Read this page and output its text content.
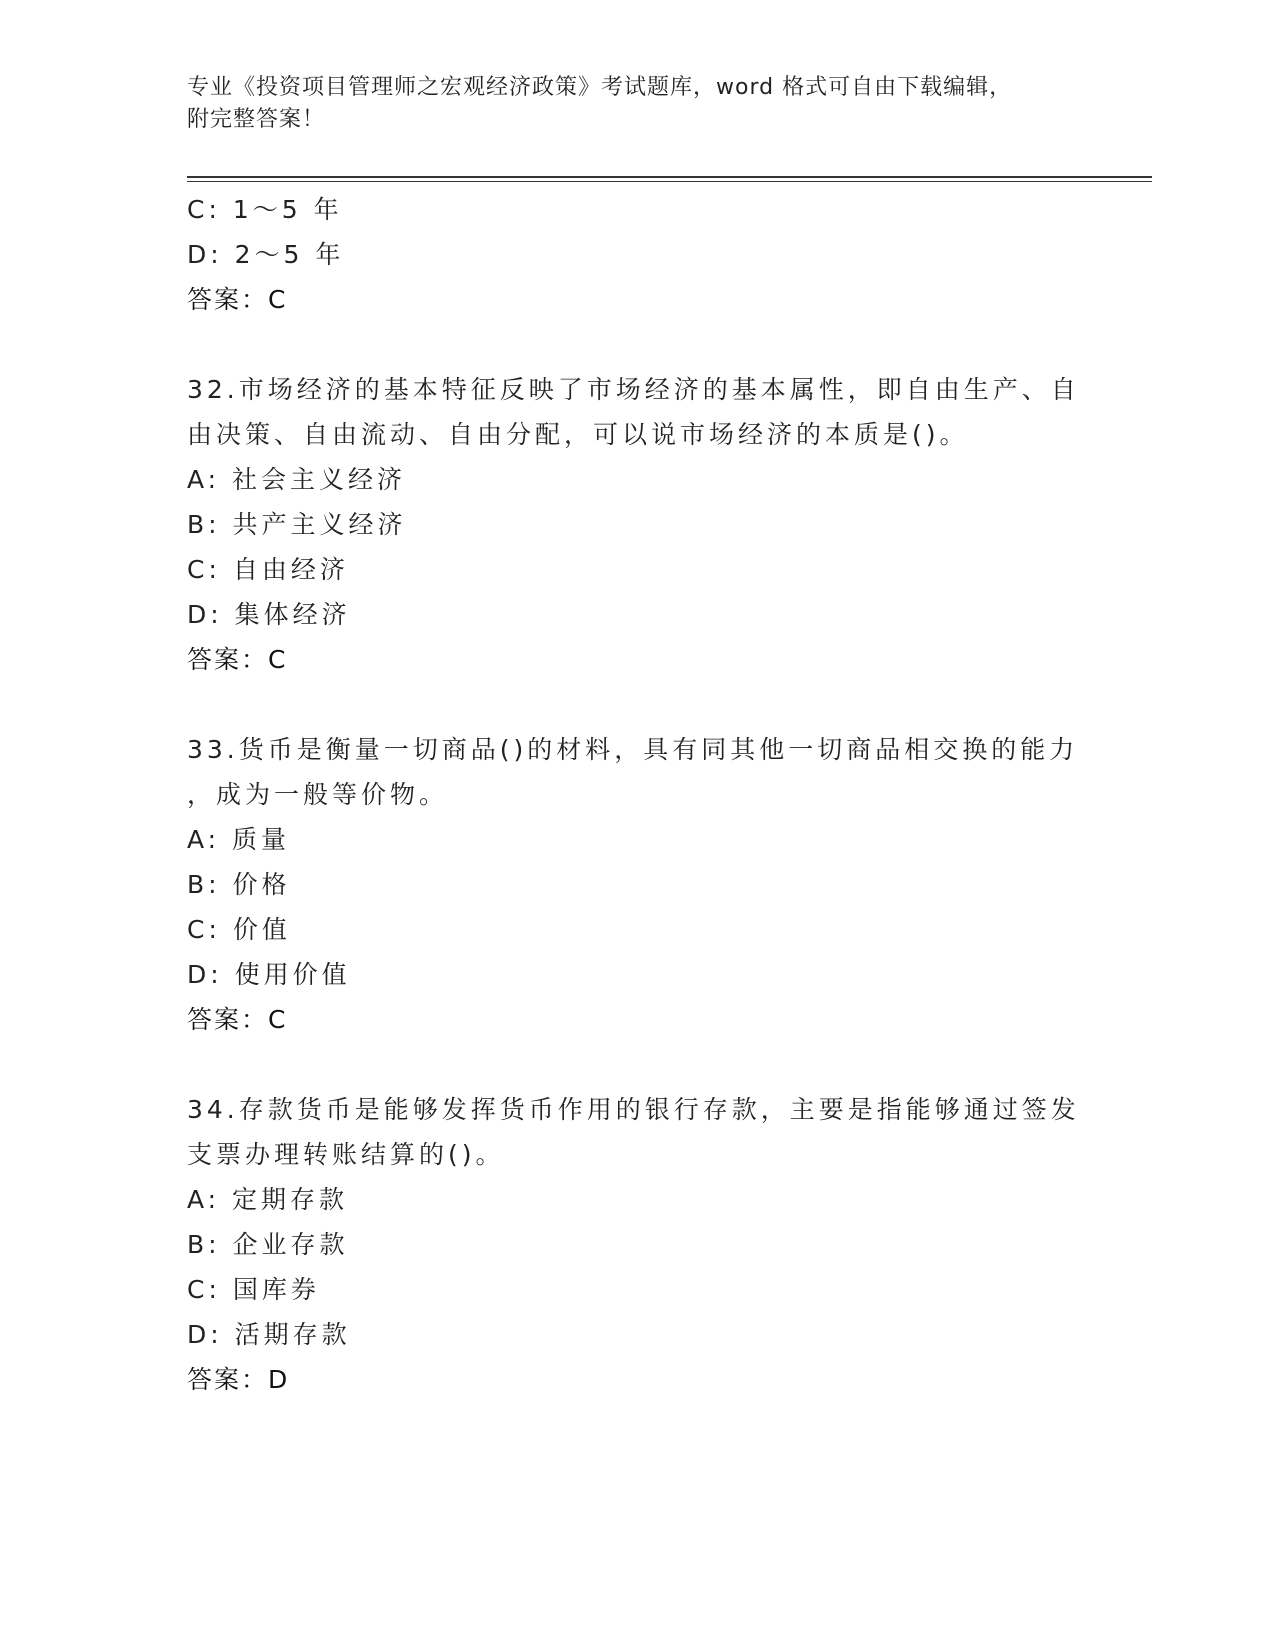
专业《投资项目管理师之宏观经济政策》考试题库，word 格式可自由下载编辑，
附完整答案！
C: 1～5 年
D: 2～5 年
答案：C
32.市场经济的基本特征反映了市场经济的基本属性，即自由生产、自
由决策、自由流动、自由分配，可以说市场经济的本质是()。
A: 社会主义经济
B: 共产主义经济
C: 自由经济
D: 集体经济
答案：C
33.货币是衡量一切商品()的材料，具有同其他一切商品相交换的能力
，成为一般等价物。
A: 质量
B: 价格
C: 价值
D: 使用价值
答案：C
34.存款货币是能够发挥货币作用的银行存款，主要是指能够通过签发
支票办理转账结算的()。
A: 定期存款
B: 企业存款
C: 国库券
D: 活期存款
答案：D
